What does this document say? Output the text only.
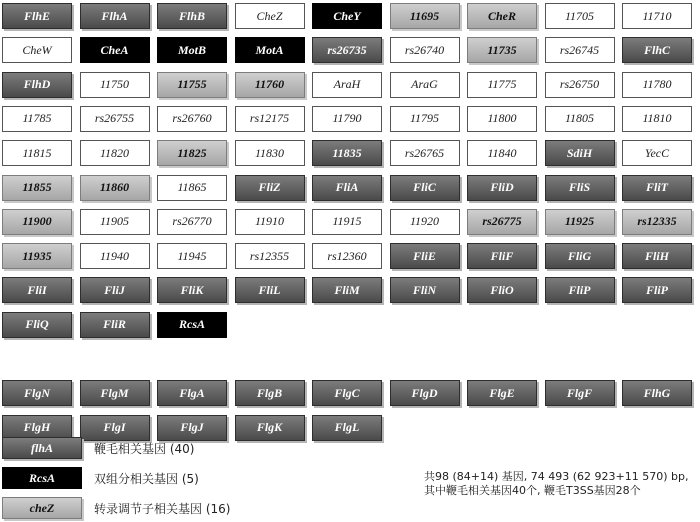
FlhE	FlhA	FlhB	CheZ	CheY	11695	CheR	11705	11710
CheW	CheA	MotB	MotA	rs26735	rs26740	11735	rs26745	FlhC
FlhD	11750	11755	11760	AraH	AraG	11775	rs26750	11780
11785	rs26755	rs26760	rs12175	11790	11795	11800	11805	11810
11815	11820	11825	11830	11835	rs26765	11840	SdiH	YecC
11855	11860	11865	FliZ	FliA	FliC	FliD	FliS	FliT
11900	11905	rs26770	11910	11915	11920	rs26775	11925	rs12335
11935	11940	11945	rs12355	rs12360	FliE	FliF	FliG	FliH
FliI	FliJ	FliK	FliL	FliM	FliN	FliO	FliP	FliP
FliQ	FliR	RcsA
FlgN	FlgM	FlgA	FlgB	FlgC	FlgD	FlgE	FlgF	FlhG
FlgH	FlgI	FlgJ	FlgK	FlgL
flhA	鞭毛相关基因 (40)
RcsA	双组分相关基因 (5)
cheZ	转录调节子相关基因 (16)
共98 (84+14) 基因, 74 493 (62 923+11 570) bp,
其中鞭毛相关基因40个, 鞭毛T3SS基因28个
